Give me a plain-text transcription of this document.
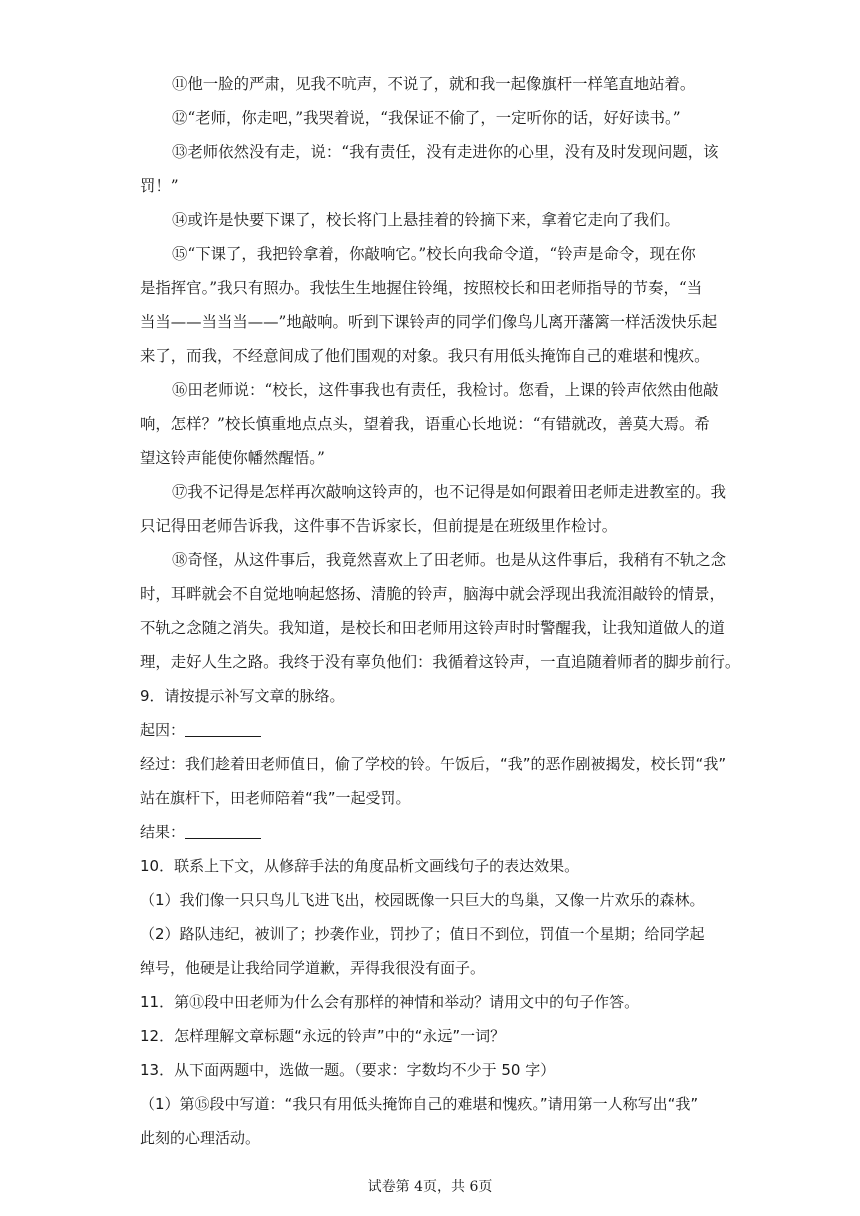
⑪他一脸的严肃，见我不吭声，不说了，就和我一起像旗杆一样笔直地站着。
⑫“老师，你走吧，”我哭着说，“我保证不偷了，一定听你的话，好好读书。”
⑬老师依然没有走，说：“我有责任，没有走进你的心里，没有及时发现问题，该
罚！”
⑭或许是快要下课了，校长将门上悬挂着的铃摘下来，拿着它走向了我们。
⑮“下课了，我把铃拿着，你敲响它。”校长向我命令道，“铃声是命令，现在你
是指挥官。”我只有照办。我怯生生地握住铃绳，按照校长和田老师指导的节奏，“当
当当——当当当——”地敲响。听到下课铃声的同学们像鸟儿离开藩篱一样活泼快乐起
来了，而我，不经意间成了他们围观的对象。我只有用低头掩饰自己的难堪和愧疚。
⑯田老师说：“校长，这件事我也有责任，我检讨。您看，上课的铃声依然由他敲
响，怎样？”校长慎重地点点头，望着我，语重心长地说：“有错就改，善莫大焉。希
望这铃声能使你幡然醒悟。”
⑰我不记得是怎样再次敲响这铃声的，也不记得是如何跟着田老师走进教室的。我
只记得田老师告诉我，这件事不告诉家长，但前提是在班级里作检讨。
⑱奇怪，从这件事后，我竟然喜欢上了田老师。也是从这件事后，我稍有不轨之念
时，耳畔就会不自觉地响起悠扬、清脆的铃声，脑海中就会浮现出我流泪敲铃的情景，
不轨之念随之消失。我知道，是校长和田老师用这铃声时时警醒我，让我知道做人的道
理，走好人生之路。我终于没有辜负他们：我循着这铃声，一直追随着师者的脚步前行。
9．请按提示补写文章的脉络。
起因：
经过：我们趁着田老师值日，偷了学校的铃。午饭后，“我”的恶作剧被揭发，校长罚“我”
站在旗杆下，田老师陪着“我”一起受罚。
结果：
10．联系上下文，从修辞手法的角度品析文画线句子的表达效果。
（1）我们像一只只鸟儿飞进飞出，校园既像一只巨大的鸟巢，又像一片欢乐的森林。
（2）路队违纪，被训了；抄袭作业，罚抄了；值日不到位，罚值一个星期；给同学起
绰号，他硬是让我给同学道歉，弄得我很没有面子。
11．第⑪段中田老师为什么会有那样的神情和举动？请用文中的句子作答。
12．怎样理解文章标题“永远的铃声”中的“永远”一词？
13．从下面两题中，选做一题。（要求：字数均不少于 50 字）
（1）第⑮段中写道：“我只有用低头掩饰自己的难堪和愧疚。”请用第一人称写出“我”
此刻的心理活动。
试卷第 4页，共 6页
